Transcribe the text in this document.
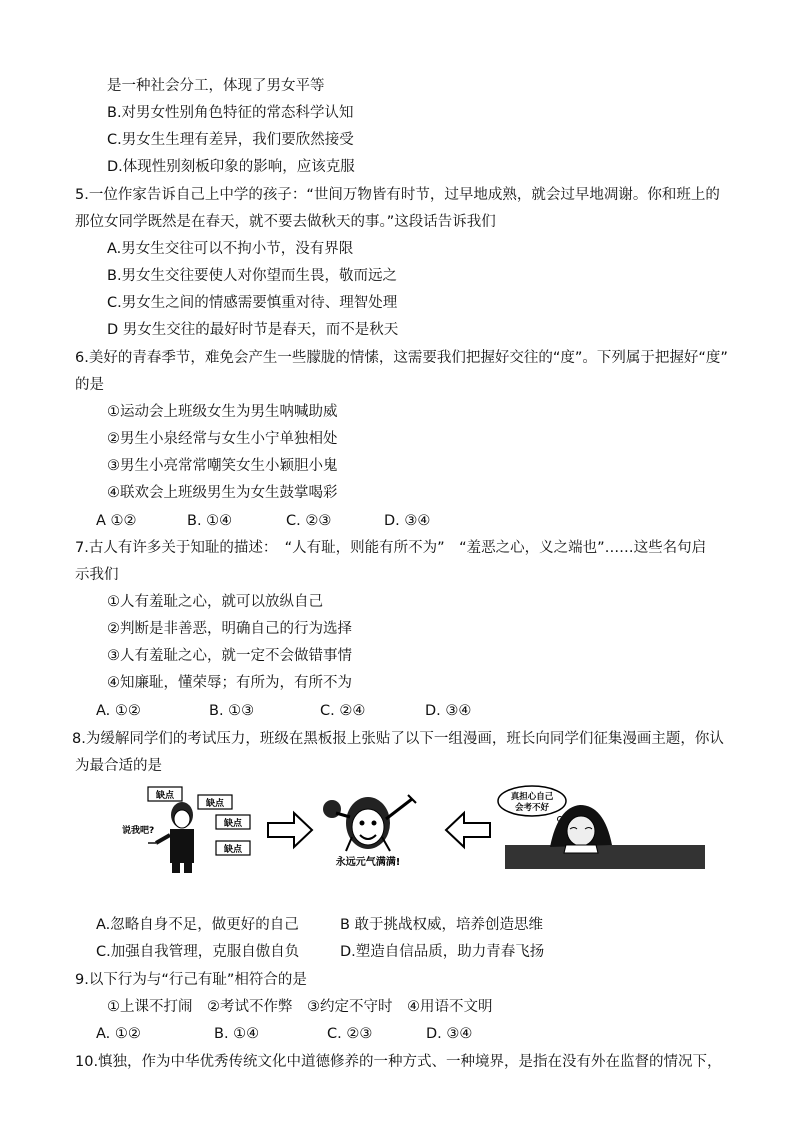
是一种社会分工，体现了男女平等
B.对男女性别角色特征的常态科学认知
C.男女生生理有差异，我们要欣然接受
D.体现性别刻板印象的影响，应该克服
5.一位作家告诉自己上中学的孩子：“世间万物皆有时节，过早地成熟，就会过早地凋谢。你和班上的
那位女同学既然是在春天，就不要去做秋天的事。”这段话告诉我们
A.男女生交往可以不拘小节，没有界限
B.男女生交往要使人对你望而生畏，敬而远之
C.男女生之间的情感需要慎重对待、理智处理
D 男女生交往的最好时节是春天，而不是秋天
6.美好的青春季节，难免会产生一些朦胧的情愫，这需要我们把握好交往的“度”。下列属于把握好“度”
的是
①运动会上班级女生为男生呐喊助威
②男生小泉经常与女生小宁单独相处
③男生小亮常常嘲笑女生小颖胆小鬼
④联欢会上班级男生为女生鼓掌喝彩
A ①②	B. ①④	C. ②③	D. ③④
7.古人有许多关于知耻的描述：　“人有耻，则能有所不为”　“羞恶之心，义之端也”……这些名句启
示我们
①人有羞耻之心，就可以放纵自己
②判断是非善恶，明确自己的行为选择
③人有羞耻之心，就一定不会做错事情
④知廉耻，懂荣辱；有所为，有所不为
A. ①②	B. ①③	C. ②④	D. ③④
8.为缓解同学们的考试压力，班级在黑板报上张贴了以下一组漫画，班长向同学们征集漫画主题，你认
为最合适的是
缺点
缺点
缺点
缺点
说我吧?
永远元气满满!
真担心自己
会考不好
A.忽略自身不足，做更好的自己	B 敢于挑战权威，培养创造思维
C.加强自我管理，克服自傲自负	D.塑造自信品质，助力青春飞扬
9.以下行为与“行己有耻”相符合的是
①上课不打闹　②考试不作弊　③约定不守时　④用语不文明
A. ①②	B. ①④	C. ②③	D. ③④
10.慎独，作为中华优秀传统文化中道德修养的一种方式、一种境界，是指在没有外在监督的情况下，
